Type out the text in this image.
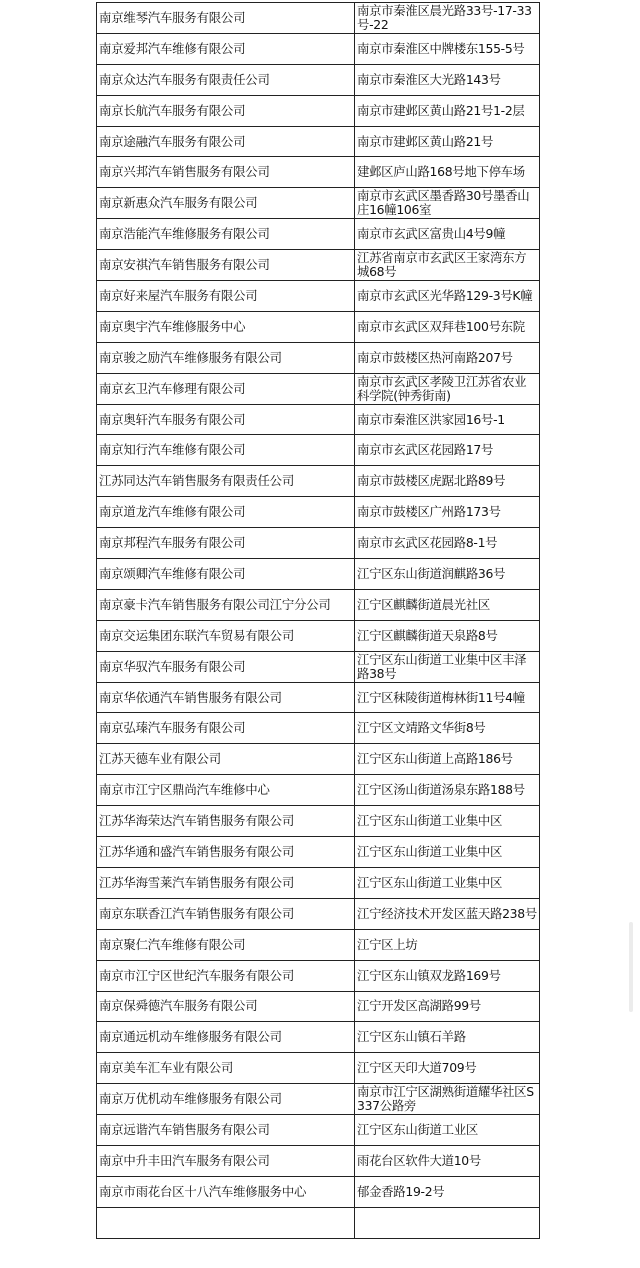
南京维琴汽车服务有限公司	南京市秦淮区晨光路33号-17-33号-22
南京爱邦汽车维修有限公司	南京市秦淮区中牌楼东155-5号
南京众达汽车服务有限责任公司	南京市秦淮区大光路143号
南京长航汽车服务有限公司	南京市建邺区黄山路21号1-2层
南京途融汽车服务有限公司	南京市建邺区黄山路21号
南京兴邦汽车销售服务有限公司	建邺区庐山路168号地下停车场
南京新惠众汽车服务有限公司	南京市玄武区墨香路30号墨香山庄16幢106室
南京浩能汽车维修服务有限公司	南京市玄武区富贵山4号9幢
南京安祺汽车销售服务有限公司	江苏省南京市玄武区王家湾东方城68号
南京好来屋汽车服务有限公司	南京市玄武区光华路129-3号K幢
南京奥宇汽车维修服务中心	南京市玄武区双拜巷100号东院
南京骏之励汽车维修服务有限公司	南京市鼓楼区热河南路207号
南京玄卫汽车修理有限公司	南京市玄武区孝陵卫江苏省农业科学院(钟秀街南)
南京奥轩汽车服务有限公司	南京市秦淮区洪家园16号-1
南京知行汽车维修有限公司	南京市玄武区花园路17号
江苏同达汽车销售服务有限责任公司	南京市鼓楼区虎踞北路89号
南京道龙汽车维修有限公司	南京市鼓楼区广州路173号
南京邦程汽车服务有限公司	南京市玄武区花园路8-1号
南京颂卿汽车维修有限公司	江宁区东山街道润麒路36号
南京豪卡汽车销售服务有限公司江宁分公司	江宁区麒麟街道晨光社区
南京交运集团东联汽车贸易有限公司	江宁区麒麟街道天泉路8号
南京华驭汽车服务有限公司	江宁区东山街道工业集中区丰泽路38号
南京华依通汽车销售服务有限公司	江宁区秣陵街道梅林街11号4幢
南京弘瑧汽车服务有限公司	江宁区文靖路文华街8号
江苏天德车业有限公司	江宁区东山街道上高路186号
南京市江宁区鼎尚汽车维修中心	江宁区汤山街道汤泉东路188号
江苏华海荣达汽车销售服务有限公司	江宁区东山街道工业集中区
江苏华通和盛汽车销售服务有限公司	江宁区东山街道工业集中区
江苏华海雪莱汽车销售服务有限公司	江宁区东山街道工业集中区
南京东联香江汽车销售服务有限公司	江宁经济技术开发区蓝天路238号
南京聚仁汽车维修有限公司	江宁区上坊
南京市江宁区世纪汽车服务有限公司	江宁区东山镇双龙路169号
南京保舜德汽车服务有限公司	江宁开发区高湖路99号
南京通远机动车维修服务有限公司	江宁区东山镇石羊路
南京美车汇车业有限公司	江宁区天印大道709号
南京万优机动车维修服务有限公司	南京市江宁区湖熟街道耀华社区S337公路旁
南京远谐汽车销售服务有限公司	江宁区东山街道工业区
南京中升丰田汽车服务有限公司	雨花台区软件大道10号
南京市雨花台区十八汽车维修服务中心	郁金香路19-2号
